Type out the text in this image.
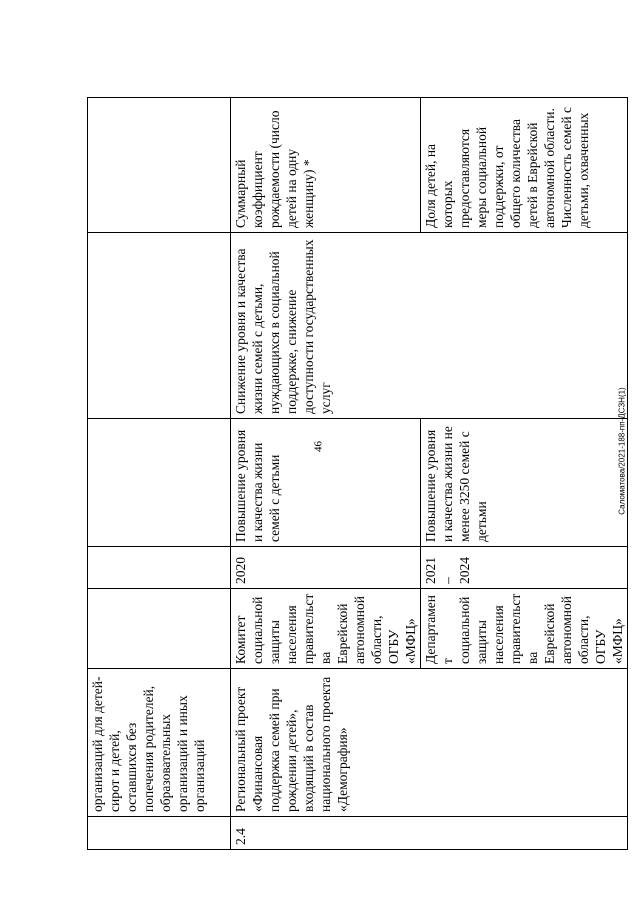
46	Саломатова/2021-188-пп-ДСЗН(1)
	организаций для детей-сирот и детей, оставшихся без попечения родителей, образовательных организаций и иных организаций					
2.4	Региональный проект «Финансовая поддержка семей при рождении детей», входящий в состав национального проекта «Демография»	Комитет социальной защиты населения правительства Еврейской автономной области, ОГБУ «МФЦ»	2020	Повышение уровня и качества жизни семей с детьми	Снижение уровня и качества жизни семей с детьми, нуждающихся в социальной поддержке, снижение доступности государственных услуг	Суммарный коэффициент рождаемости (число детей на одну женщину) *
		Департамент социальной защиты населения правительства Еврейской автономной области, ОГБУ «МФЦ»	2021 – 2024	Повышение уровня и качества жизни не менее 3250 семей с детьми		Доля детей, на которых предоставляются меры социальной поддержки, от общего количества детей в Еврейской автономной области. Численность семей с детьми, охваченных
